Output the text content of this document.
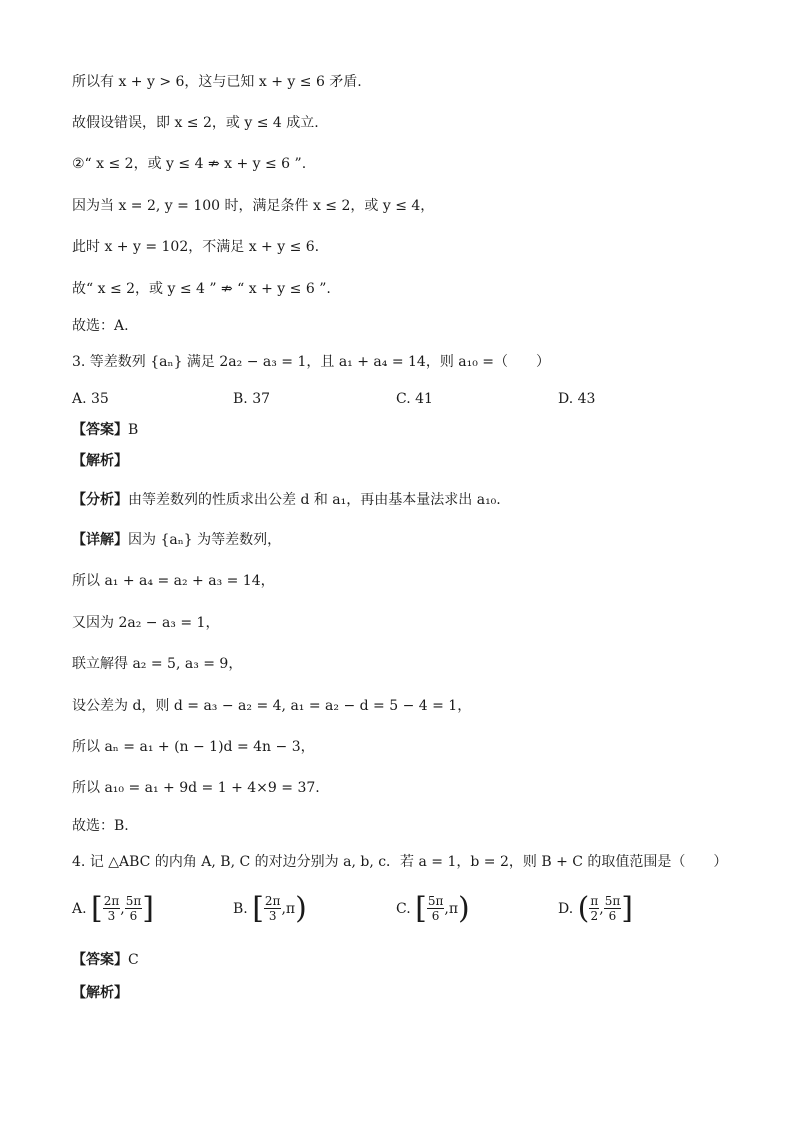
所以有 x + y > 6，这与已知 x + y ≤ 6 矛盾.
故假设错误，即 x ≤ 2，或 y ≤ 4 成立.
②“ x ≤ 2，或 y ≤ 4 ⇏ x + y ≤ 6 ”.
因为当 x = 2, y = 100 时，满足条件 x ≤ 2，或 y ≤ 4，
此时 x + y = 102，不满足 x + y ≤ 6.
故“ x ≤ 2，或 y ≤ 4 ” ⇏ “ x + y ≤ 6 ”.
故选：A.
3. 等差数列 {aₙ} 满足 2a₂ − a₃ = 1，且 a₁ + a₄ = 14，则 a₁₀ =（　　）
A. 35	B. 37	C. 41	D. 43
【答案】B
【解析】
【分析】由等差数列的性质求出公差 d 和 a₁，再由基本量法求出 a₁₀.
【详解】因为 {aₙ} 为等差数列，
所以 a₁ + a₄ = a₂ + a₃ = 14，
又因为 2a₂ − a₃ = 1，
联立解得 a₂ = 5, a₃ = 9，
设公差为 d，则 d = a₃ − a₂ = 4, a₁ = a₂ − d = 5 − 4 = 1，
所以 aₙ = a₁ + (n − 1)d = 4n − 3，
所以 a₁₀ = a₁ + 9d = 1 + 4×9 = 37.
故选：B.
4. 记 △ABC 的内角 A, B, C 的对边分别为 a, b, c．若 a = 1，b = 2，则 B + C 的取值范围是（　　）
A.
[ $\frac{2\pi}{3}$ , $\frac{5\pi}{6}$ ]	B.
[ $\frac{2\pi}{3} ,\pi$ )	C.
[ $\frac{5\pi}{6} ,\pi$ )	D.
( $\frac{\pi}{2}$ , $\frac{5\pi}{6}$ ]
【答案】C
【解析】
